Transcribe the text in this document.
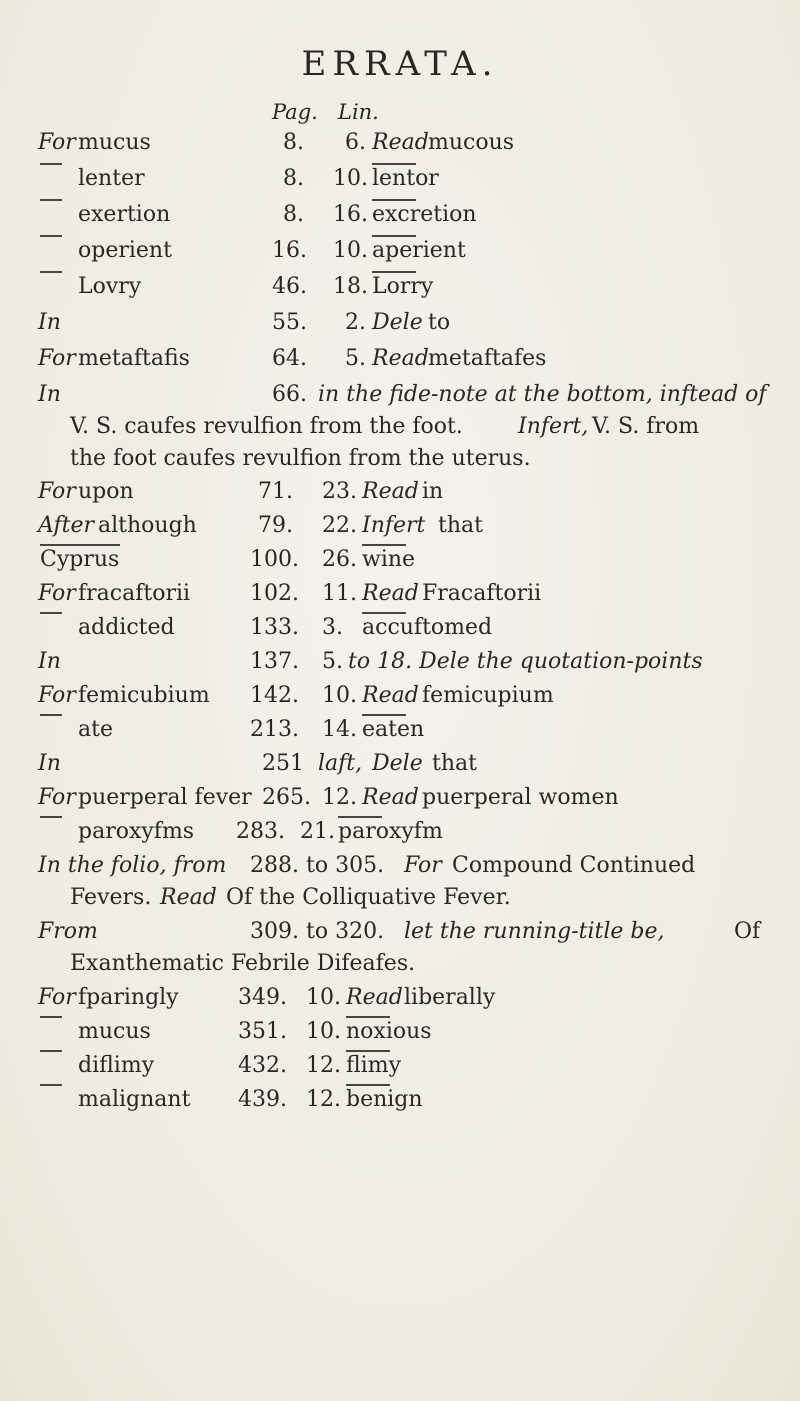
ERRATA.
Pag. Lin.
For mucus	8. 6. Read mucous
lenter	8. 10. lentor
exertion	8. 16. excretion
operient	16. 10. aperient
Lovry	46. 18. Lorry
In	55. 2. Dele to
For metaftafis	64. 5. Read metaftafes
In	66. in the fide-note at the bottom, inftead of
V. S. caufes revulfion from the foot.	Infert, V. S. from
the foot caufes revulfion from the uterus.
For upon	71. 23. Read in
After although	79. 22. Infert that
Cyprus	100. 26. wine
For fracaftorii	102. 11. Read Fracaftorii
addicted	133. 3. accuftomed
In	137. 5. to 18. Dele the quotation-points
For femicubium 142. 10. Read femicupium
ate	213. 14. eaten
In	251 laft, Dele that
For puerperal fever 265. 12. Read puerperal women
paroxyfms 283. 21. paroxyfm
In the folio, from 288. to 305. For Compound Continued
Fevers. Read Of the Colliquative Fever.
From	309. to 320. let the running-title be,	Of
Exanthematic Febrile Difeafes.
For fparingly	349. 10. Read liberally
mucus	351. 10. noxious
diflimy	432. 12. flimy
malignant 439. 12. benign
